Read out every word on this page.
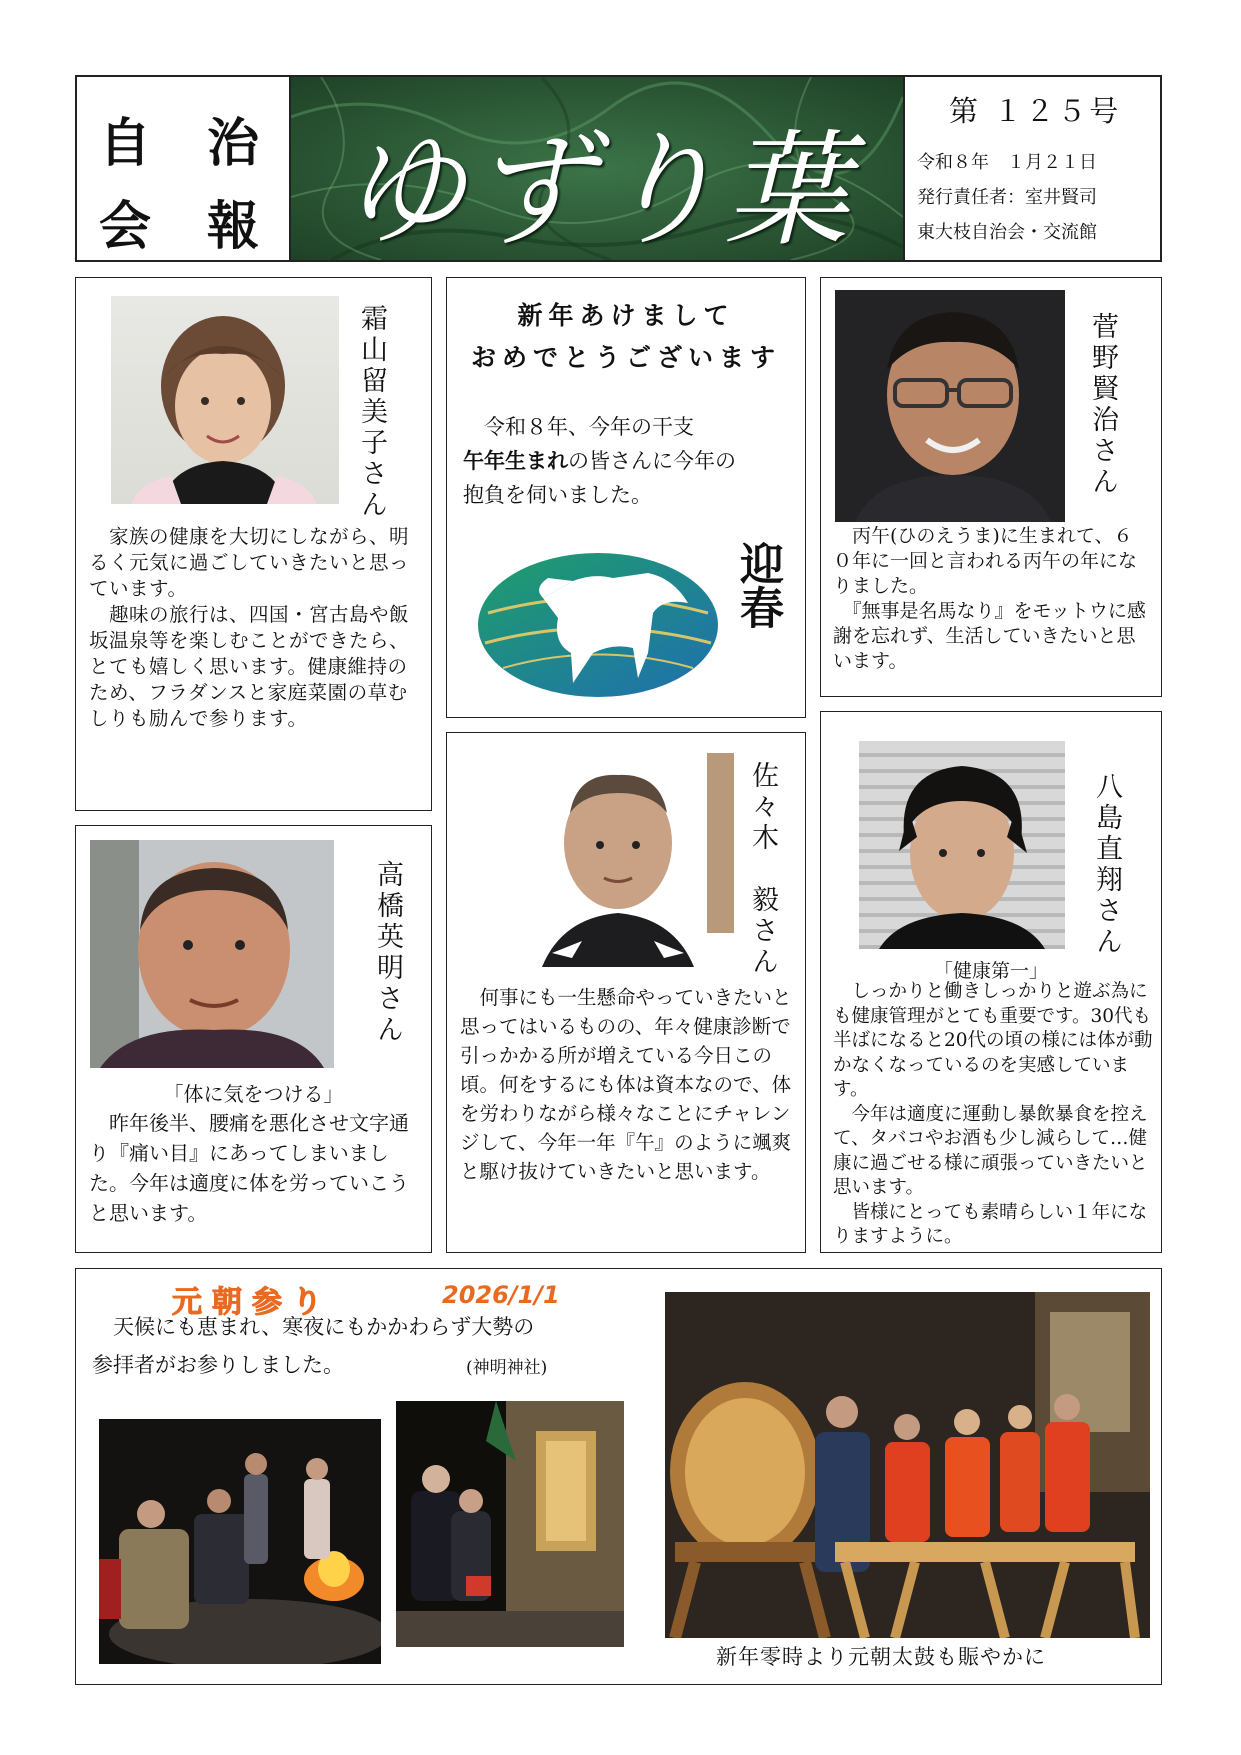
自 治
会 報 ゆずり葉
第 １２５号
令和８年　１月２１日
発行責任者：室井賢司
東大枝自治会・交流館
霜山留美子さん
　家族の健康を大切にしながら、明るく元気に過ごしていきたいと思っています。
　趣味の旅行は、四国・宮古島や飯坂温泉等を楽しむことができたら、とても嬉しく思います。健康維持のため、フラダンスと家庭菜園の草むしりも励んで参ります。
新年あけまして
おめでとうございます
　令和８年、今年の干支
午年生まれの皆さんに今年の
抱負を伺いました。
迎春
菅野賢治さん
　丙午(ひのえうま)に生まれて、６０年に一回と言われる丙午の年になりました。
　『無事是名馬なり』をモットウに感謝を忘れず、生活していきたいと思います。
八島直翔さん
「健康第一」
　しっかりと働きしっかりと遊ぶ為にも健康管理がとても重要です。30代も半ばになると20代の頃の様には体が動かなくなっているのを実感しています。
　今年は適度に運動し暴飲暴食を控えて、タバコやお酒も少し減らして…健康に過ごせる様に頑張っていきたいと思います。
　皆様にとっても素晴らしい１年になりますように。
佐々木　毅さん
　何事にも一生懸命やっていきたいと思ってはいるものの、年々健康診断で引っかかる所が増えている今日この頃。何をするにも体は資本なので、体を労わりながら様々なことにチャレンジして、今年一年『午』のように颯爽と駆け抜けていきたいと思います。
高橋英明さん
「体に気をつける」
　昨年後半、腰痛を悪化させ文字通り『痛い目』にあってしまいました。今年は適度に体を労っていこうと思います。
元朝参り	2026/1/1
　天候にも恵まれ、寒夜にもかかわらず大勢の
参拝者がお参りしました。	(神明神社)
新年零時より元朝太鼓も賑やかに
